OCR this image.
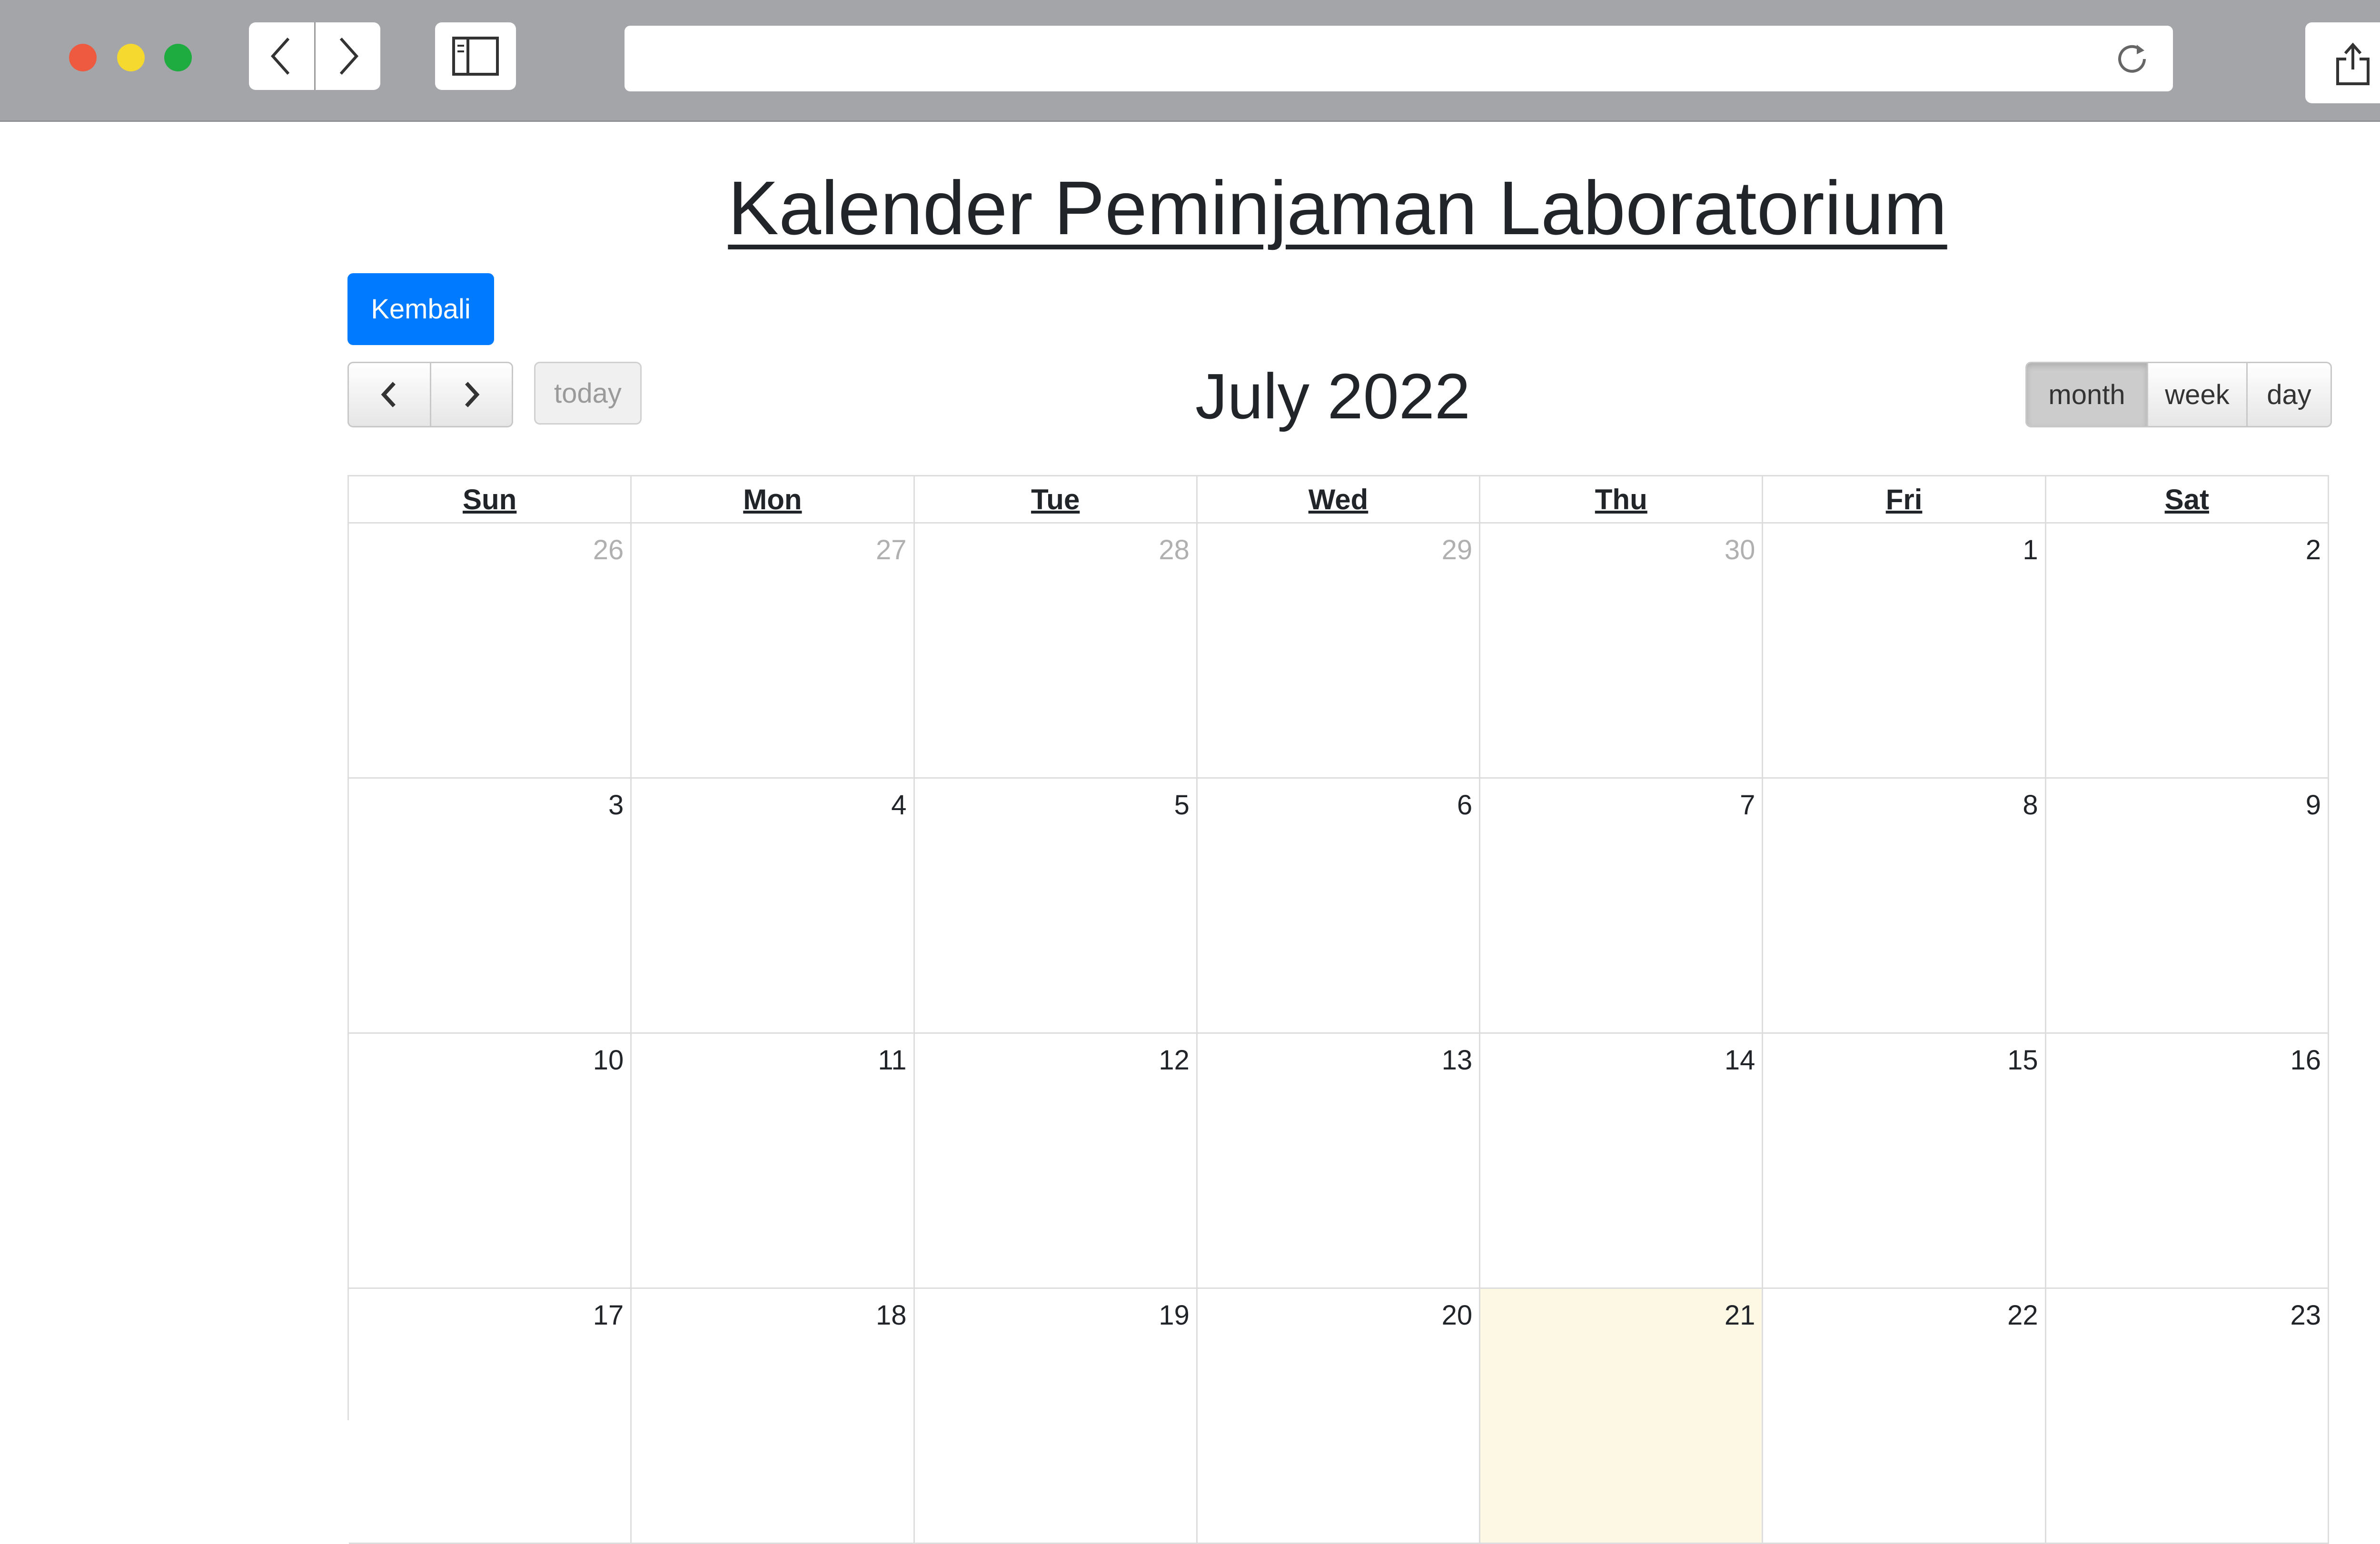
Kalender Peminjaman Laboratorium
Kembali
today	July 2022	month	week	day
Sun	Mon	Tue	Wed	Thu	Fri	Sat
26	27	28	29	30	1	2
3	4	5	6	7	8	9
10	11	12	13	14	15	16
17	18	19	20	21	22	23
